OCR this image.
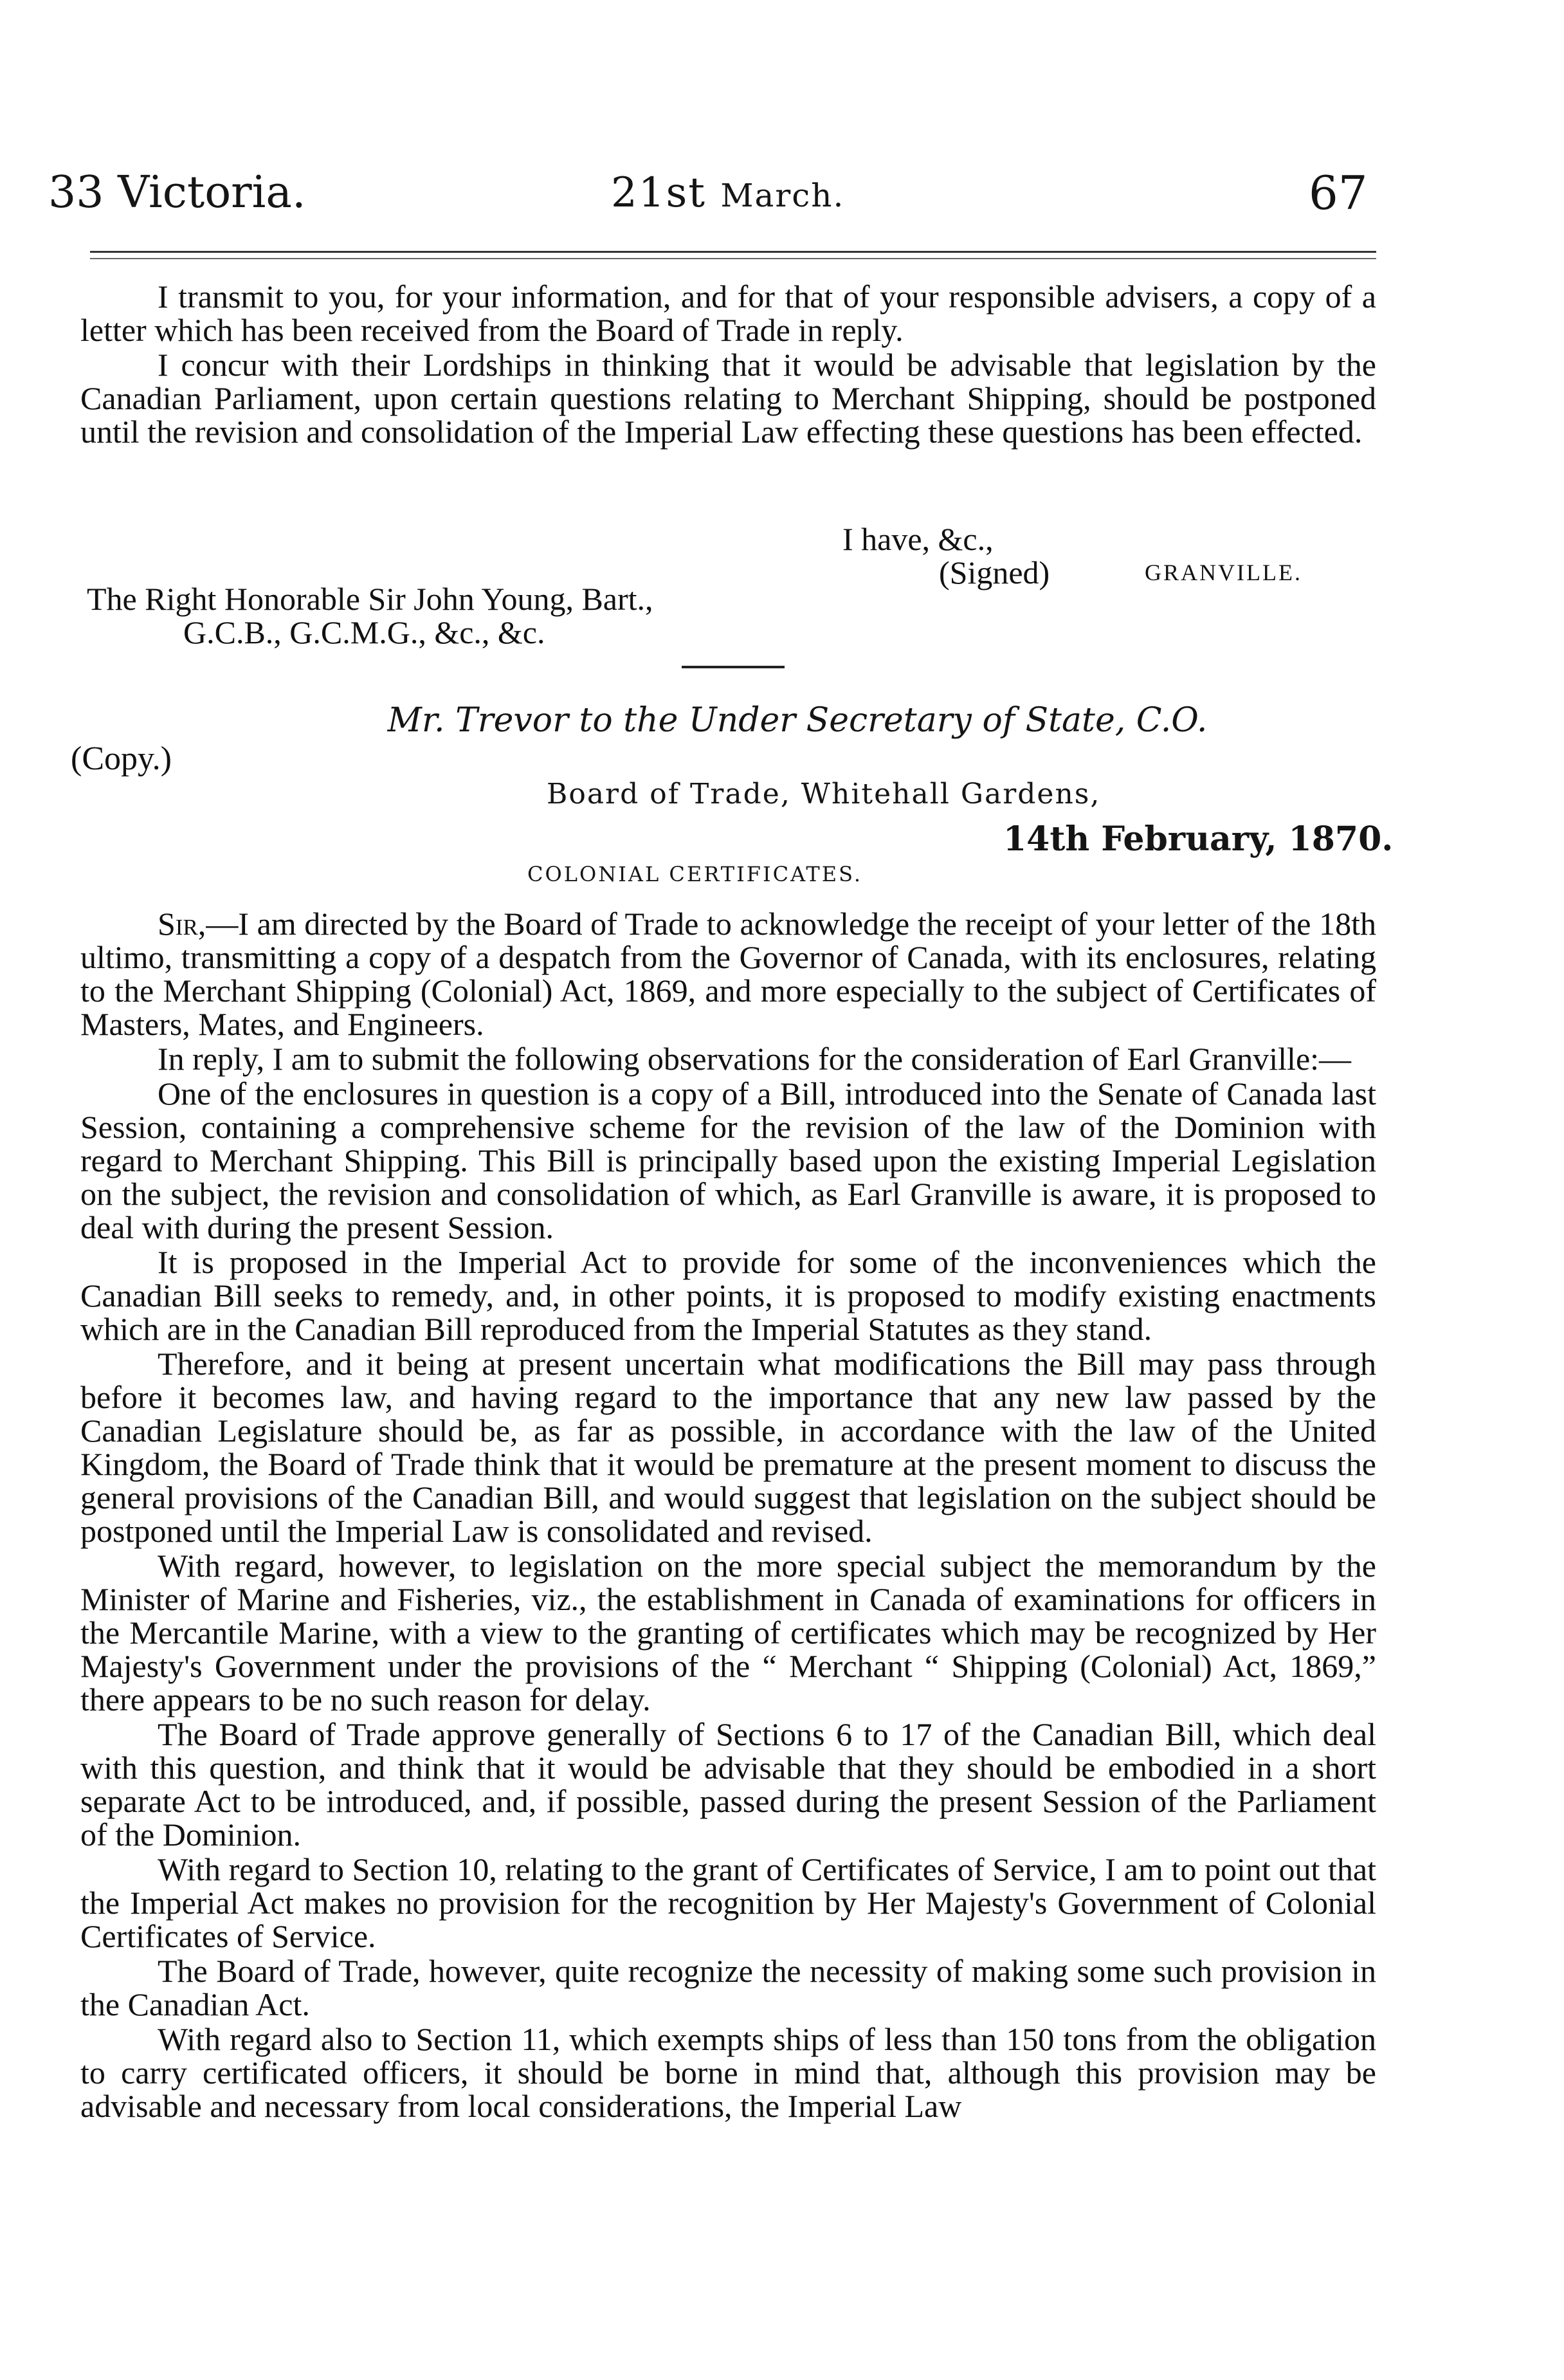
33 Victoria.	21st March.	67

I transmit to you, for your information, and for that of your responsible advisers, a copy of a letter which has been received from the Board of Trade in reply.

I concur with their Lordships in thinking that it would be advisable that legislation by the Canadian Parliament, upon certain questions relating to Merchant Shipping, should be postponed until the revision and consolidation of the Imperial Law effecting these questions has been effected.

I have, &c.,
(Signed)	GRANVILLE.
The Right Honorable Sir John Young, Bart.,
G.C.B., G.C.M.G., &c., &c.
Mr. Trevor to the Under Secretary of State, C.O.
(Copy.)
Board of Trade, Whitehall Gardens,
14th February, 1870.
COLONIAL CERTIFICATES.

Sir,—I am directed by the Board of Trade to acknowledge the receipt of your letter of the 18th ultimo, transmitting a copy of a despatch from the Governor of Canada, with its enclosures, relating to the Merchant Shipping (Colonial) Act, 1869, and more especially to the subject of Certificates of Masters, Mates, and Engineers.

In reply, I am to submit the following observations for the consideration of Earl Granville:—

One of the enclosures in question is a copy of a Bill, introduced into the Senate of Canada last Session, containing a comprehensive scheme for the revision of the law of the Dominion with regard to Merchant Shipping. This Bill is principally based upon the existing Imperial Legislation on the subject, the revision and consolidation of which, as Earl Granville is aware, it is proposed to deal with during the present Session.

It is proposed in the Imperial Act to provide for some of the inconveniences which the Canadian Bill seeks to remedy, and, in other points, it is proposed to modify existing enactments which are in the Canadian Bill reproduced from the Imperial Statutes as they stand.

Therefore, and it being at present uncertain what modifications the Bill may pass through before it becomes law, and having regard to the importance that any new law passed by the Canadian Legislature should be, as far as possible, in accordance with the law of the United Kingdom, the Board of Trade think that it would be premature at the present moment to discuss the general provisions of the Canadian Bill, and would suggest that legislation on the subject should be postponed until the Imperial Law is consolidated and revised.

With regard, however, to legislation on the more special subject the memorandum by the Minister of Marine and Fisheries, viz., the establishment in Canada of examinations for officers in the Mercantile Marine, with a view to the granting of certificates which may be recognized by Her Majesty's Government under the provisions of the “ Merchant “ Shipping (Colonial) Act, 1869,” there appears to be no such reason for delay.

The Board of Trade approve generally of Sections 6 to 17 of the Canadian Bill, which deal with this question, and think that it would be advisable that they should be embodied in a short separate Act to be introduced, and, if possible, passed during the present Session of the Parliament of the Dominion.

With regard to Section 10, relating to the grant of Certificates of Service, I am to point out that the Imperial Act makes no provision for the recognition by Her Majesty's Government of Colonial Certificates of Service.

The Board of Trade, however, quite recognize the necessity of making some such provision in the Canadian Act.

With regard also to Section 11, which exempts ships of less than 150 tons from the obligation to carry certificated officers, it should be borne in mind that, although this provision may be advisable and necessary from local considerations, the Imperial Law
